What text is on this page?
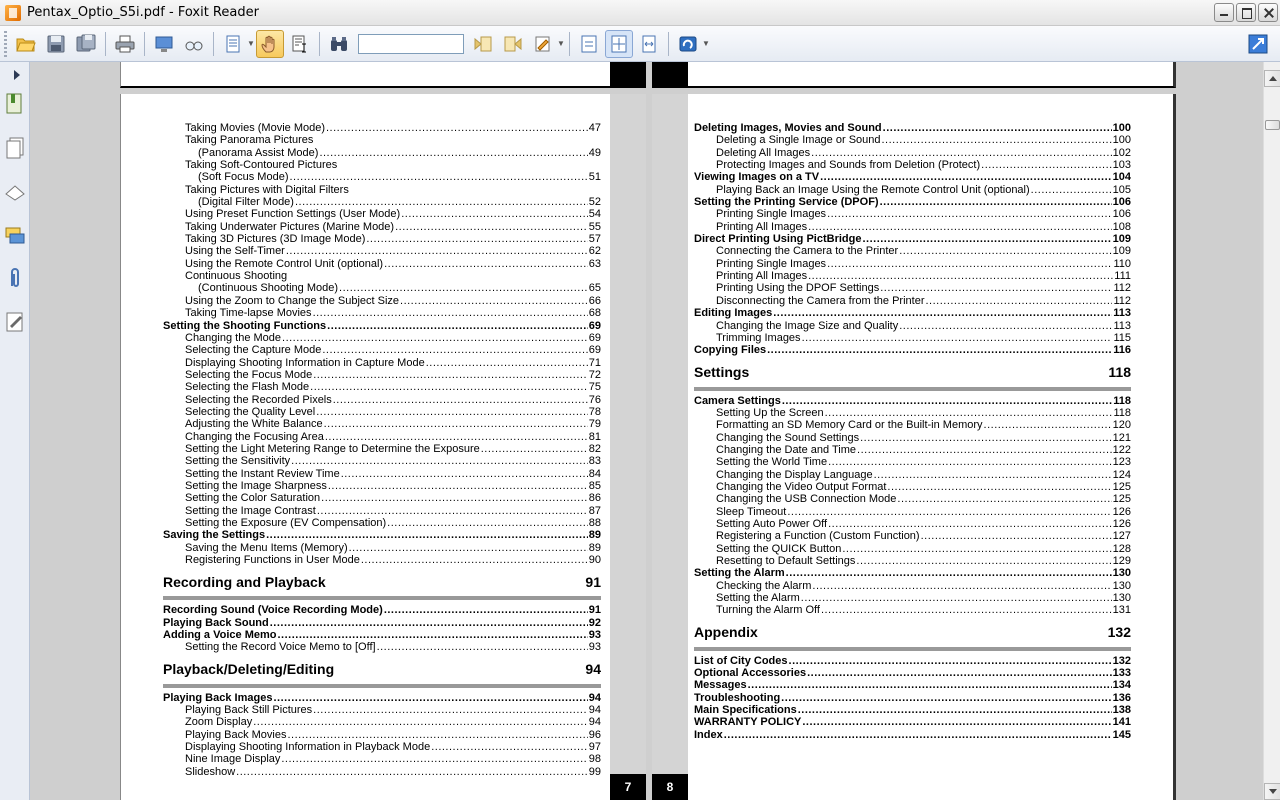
Pentax_Optio_S5i.pdf - Foxit Reader
▼	▼	▼
7
Taking Movies (Movie Mode) .....	47
Taking Panorama Pictures
(Panorama Assist Mode) .....	49
Taking Soft-Contoured Pictures
(Soft Focus Mode) .....	51
Taking Pictures with Digital Filters
(Digital Filter Mode) .....	52
Using Preset Function Settings (User Mode) .....	54
Taking Underwater Pictures (Marine Mode) .....	55
Taking 3D Pictures (3D Image Mode) .....	57
Using the Self-Timer .....	62
Using the Remote Control Unit (optional) .....	63
Continuous Shooting
(Continuous Shooting Mode) .....	65
Using the Zoom to Change the Subject Size .....	66
Taking Time-lapse Movies .....	68
Setting the Shooting Functions .....	69
Changing the Mode .....	69
Selecting the Capture Mode .....	69
Displaying Shooting Information in Capture Mode .....	71
Selecting the Focus Mode .....	72
Selecting the Flash Mode .....	75
Selecting the Recorded Pixels .....	76
Selecting the Quality Level .....	78
Adjusting the White Balance .....	79
Changing the Focusing Area .....	81
Setting the Light Metering Range to Determine the Exposure .....	82
Setting the Sensitivity .....	83
Setting the Instant Review Time .....	84
Setting the Image Sharpness .....	85
Setting the Color Saturation .....	86
Setting the Image Contrast .....	87
Setting the Exposure (EV Compensation) .....	88
Saving the Settings .....	89
Saving the Menu Items (Memory) .....	89
Registering Functions in User Mode .....	90
Recording and Playback	91
Recording Sound (Voice Recording Mode) .....	91
Playing Back Sound .....	92
Adding a Voice Memo .....	93
Setting the Record Voice Memo to [Off] .....	93
Playback/Deleting/Editing	94
Playing Back Images .....	94
Playing Back Still Pictures .....	94
Zoom Display .....	94
Playing Back Movies .....	96
Displaying Shooting Information in Playback Mode .....	97
Nine Image Display .....	98
Slideshow .....	99
8
Deleting Images, Movies and Sound .....	100
Deleting a Single Image or Sound .....	100
Deleting All Images .....	102
Protecting Images and Sounds from Deletion (Protect) .....	103
Viewing Images on a TV .....	104
Playing Back an Image Using the Remote Control Unit (optional) .....	105
Setting the Printing Service (DPOF) .....	106
Printing Single Images .....	106
Printing All Images .....	108
Direct Printing Using PictBridge .....	109
Connecting the Camera to the Printer .....	109
Printing Single Images .....	110
Printing All Images .....	111
Printing Using the DPOF Settings .....	112
Disconnecting the Camera from the Printer .....	112
Editing Images .....	113
Changing the Image Size and Quality .....	113
Trimming Images .....	115
Copying Files .....	116
Settings	118
Camera Settings .....	118
Setting Up the Screen .....	118
Formatting an SD Memory Card or the Built-in Memory .....	120
Changing the Sound Settings .....	121
Changing the Date and Time .....	122
Setting the World Time .....	123
Changing the Display Language .....	124
Changing the Video Output Format .....	125
Changing the USB Connection Mode .....	125
Sleep Timeout .....	126
Setting Auto Power Off .....	126
Registering a Function (Custom Function) .....	127
Setting the QUICK Button .....	128
Resetting to Default Settings .....	129
Setting the Alarm .....	130
Checking the Alarm .....	130
Setting the Alarm .....	130
Turning the Alarm Off .....	131
Appendix	132
List of City Codes .....	132
Optional Accessories .....	133
Messages .....	134
Troubleshooting .....	136
Main Specifications .....	138
WARRANTY POLICY .....	141
Index .....	145
